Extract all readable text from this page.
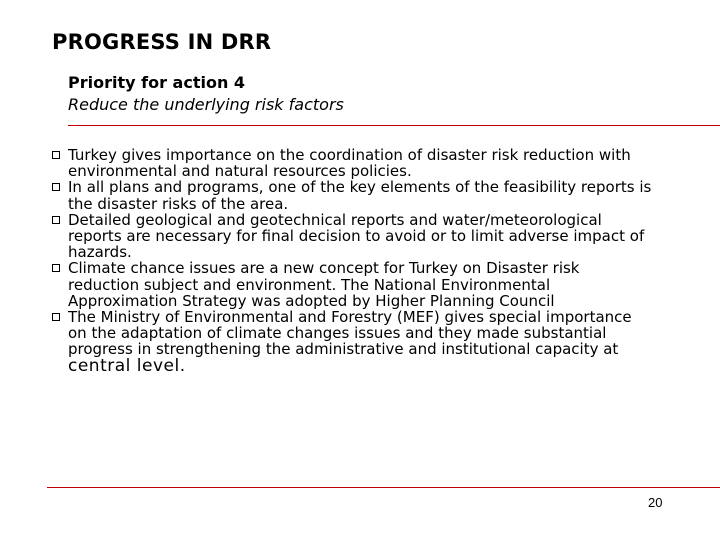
PROGRESS IN DRR
Priority for action 4
Reduce the underlying risk factors
Turkey gives importance on the coordination of disaster risk reduction with environmental and natural resources policies.
In all plans and programs, one of the key elements of the feasibility reports is the disaster risks of the area.
Detailed geological and geotechnical reports and water/meteorological reports are necessary for final decision to avoid or to limit adverse impact of hazards.
Climate chance issues are a new concept for Turkey on Disaster risk reduction subject and environment. The National Environmental Approximation Strategy was adopted by Higher Planning Council
The Ministry of Environmental and Forestry (MEF) gives special importance on the adaptation of climate changes issues and they made substantial progress in strengthening the administrative and institutional capacity at central level.
20
